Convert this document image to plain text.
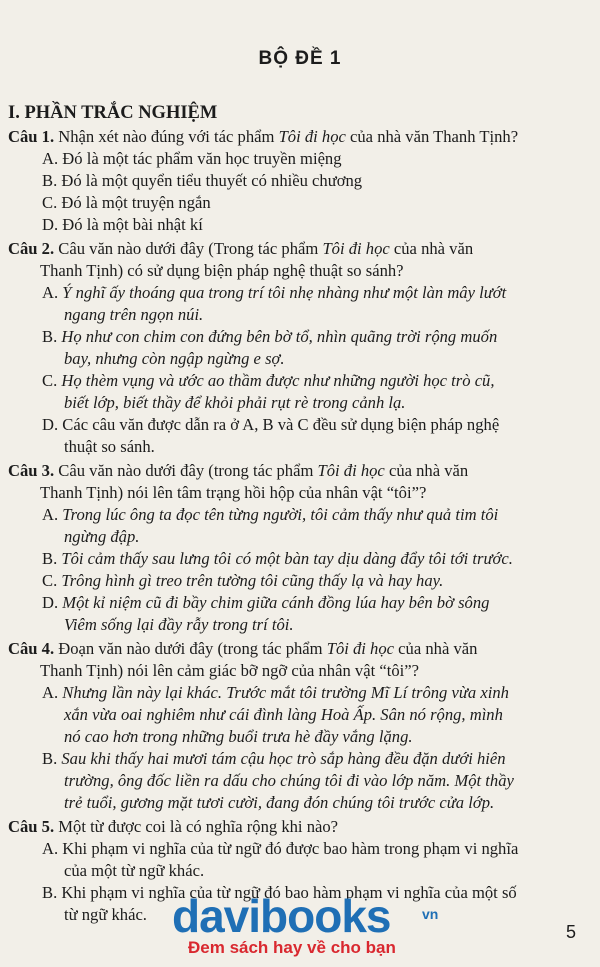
BỘ ĐỀ 1
I. PHẦN TRẮC NGHIỆM
Câu 1. Nhận xét nào đúng với tác phẩm Tôi đi học của nhà văn Thanh Tịnh?
A. Đó là một tác phẩm văn học truyền miệng
B. Đó là một quyển tiểu thuyết có nhiều chương
C. Đó là một truyện ngắn
D. Đó là một bài nhật kí
Câu 2. Câu văn nào dưới đây (Trong tác phẩm Tôi đi học của nhà văn
Thanh Tịnh) có sử dụng biện pháp nghệ thuật so sánh?
A. Ý nghĩ ấy thoáng qua trong trí tôi nhẹ nhàng như một làn mây lướt
ngang trên ngọn núi.
B. Họ như con chim con đứng bên bờ tổ, nhìn quãng trời rộng muốn
bay, nhưng còn ngập ngừng e sợ.
C. Họ thèm vụng và ước ao thầm được như những người học trò cũ,
biết lớp, biết thầy để khỏi phải rụt rè trong cảnh lạ.
D. Các câu văn được dẫn ra ở A, B và C đều sử dụng biện pháp nghệ
thuật so sánh.
Câu 3. Câu văn nào dưới đây (trong tác phẩm Tôi đi học của nhà văn
Thanh Tịnh) nói lên tâm trạng hồi hộp của nhân vật “tôi”?
A. Trong lúc ông ta đọc tên từng người, tôi cảm thấy như quả tim tôi
ngừng đập.
B. Tôi cảm thấy sau lưng tôi có một bàn tay dịu dàng đẩy tôi tới trước.
C. Trông hình gì treo trên tường tôi cũng thấy lạ và hay hay.
D. Một kỉ niệm cũ đi bầy chim giữa cánh đồng lúa hay bên bờ sông
Viêm sống lại đầy rẫy trong trí tôi.
Câu 4. Đoạn văn nào dưới đây (trong tác phẩm Tôi đi học của nhà văn
Thanh Tịnh) nói lên cảm giác bỡ ngỡ của nhân vật “tôi”?
A. Nhưng lần này lại khác. Trước mắt tôi trường Mĩ Lí trông vừa xinh
xắn vừa oai nghiêm như cái đình làng Hoà Ấp. Sân nó rộng, mình
nó cao hơn trong những buổi trưa hè đầy vắng lặng.
B. Sau khi thấy hai mươi tám cậu học trò sắp hàng đều đặn dưới hiên
trường, ông đốc liền ra dấu cho chúng tôi đi vào lớp năm. Một thầy
trẻ tuổi, gương mặt tươi cười, đang đón chúng tôi trước cửa lớp.
Câu 5. Một từ được coi là có nghĩa rộng khi nào?
A. Khi phạm vi nghĩa của từ ngữ đó được bao hàm trong phạm vi nghĩa
của một từ ngữ khác.
B. Khi phạm vi nghĩa của từ ngữ đó bao hàm phạm vi nghĩa của một số
từ ngữ khác. davibooks vn
Đem sách hay về cho bạn
5
